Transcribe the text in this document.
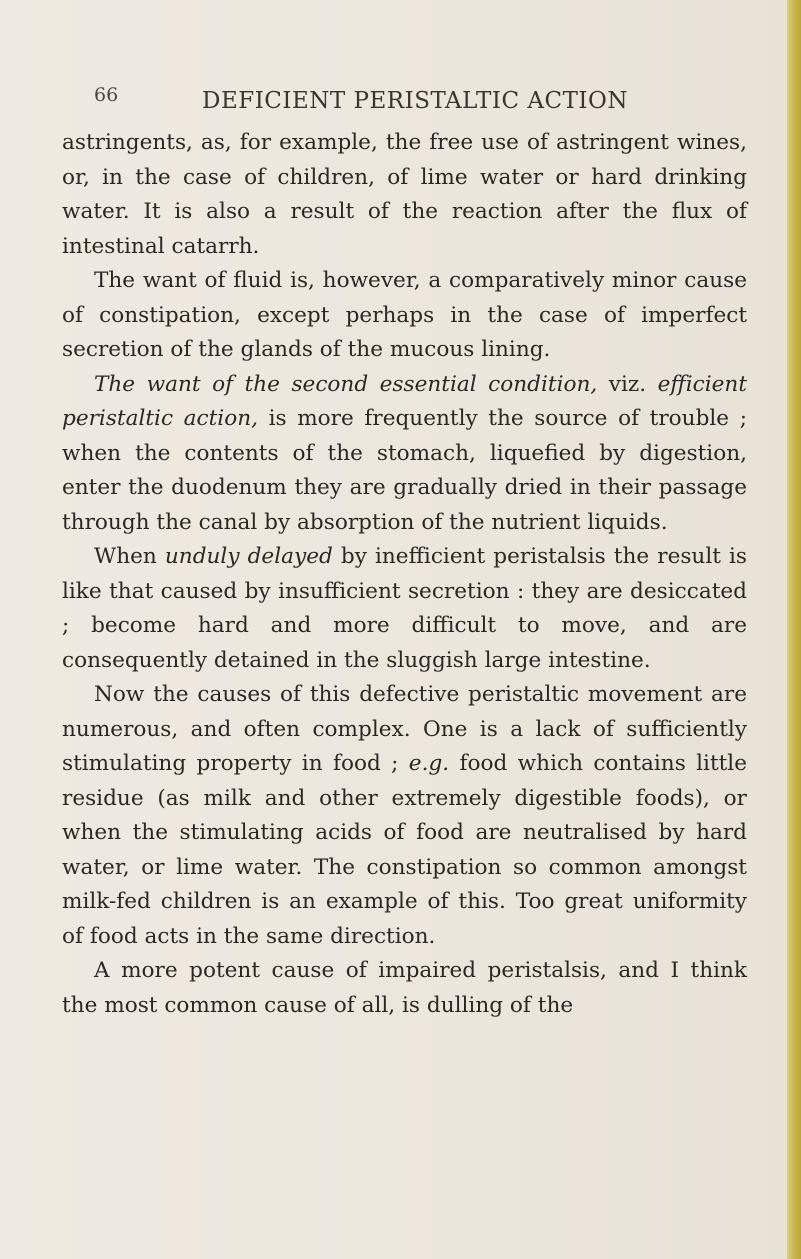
66	DEFICIENT PERISTALTIC ACTION

astringents, as, for example, the free use of astringent wines, or, in the case of children, of lime water or hard drinking water. It is also a result of the reaction after the flux of intestinal catarrh.

The want of fluid is, however, a comparatively minor cause of constipation, except perhaps in the case of imperfect secretion of the glands of the mucous lining.

The want of the second essential condition, viz. efficient peristaltic action, is more frequently the source of trouble ; when the contents of the stomach, liquefied by digestion, enter the duodenum they are gradually dried in their passage through the canal by absorption of the nutrient liquids.

When unduly delayed by inefficient peristalsis the result is like that caused by insufficient secretion : they are desiccated ; become hard and more difficult to move, and are consequently detained in the sluggish large intestine.

Now the causes of this defective peristaltic movement are numerous, and often complex. One is a lack of sufficiently stimulating property in food ; e.g. food which contains little residue (as milk and other extremely digestible foods), or when the stimulating acids of food are neutralised by hard water, or lime water. The constipation so common amongst milk-fed children is an example of this. Too great uniformity of food acts in the same direction.

A more potent cause of impaired peristalsis, and I think the most common cause of all, is dulling of the
